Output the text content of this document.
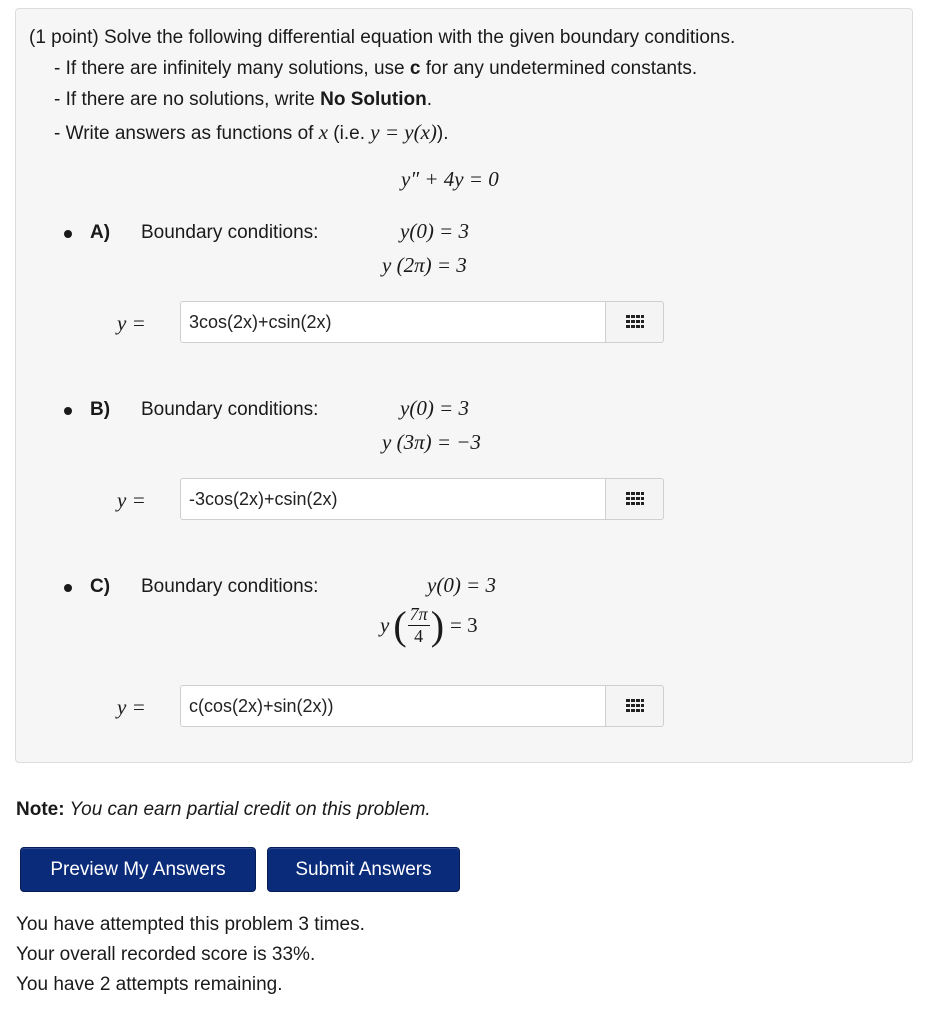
(1 point) Solve the following differential equation with the given boundary conditions.
- If there are infinitely many solutions, use c for any undetermined constants.
- If there are no solutions, write No Solution.
- Write answers as functions of x (i.e. y = y(x)).
y″ + 4y = 0
A) Boundary conditions:	y(0) = 3
y (2π) = 3
y =
3cos(2x)+csin(2x)
B) Boundary conditions:	y(0) = 3
y (3π) = −3
y =
-3cos(2x)+csin(2x)
C) Boundary conditions:	y(0) = 3
y ( $\frac{7\pi}{4}$ ) = 3
y =
c(cos(2x)+sin(2x))
Note: You can earn partial credit on this problem.
Preview My Answers	Submit Answers
You have attempted this problem 3 times.
Your overall recorded score is 33%.
You have 2 attempts remaining.
